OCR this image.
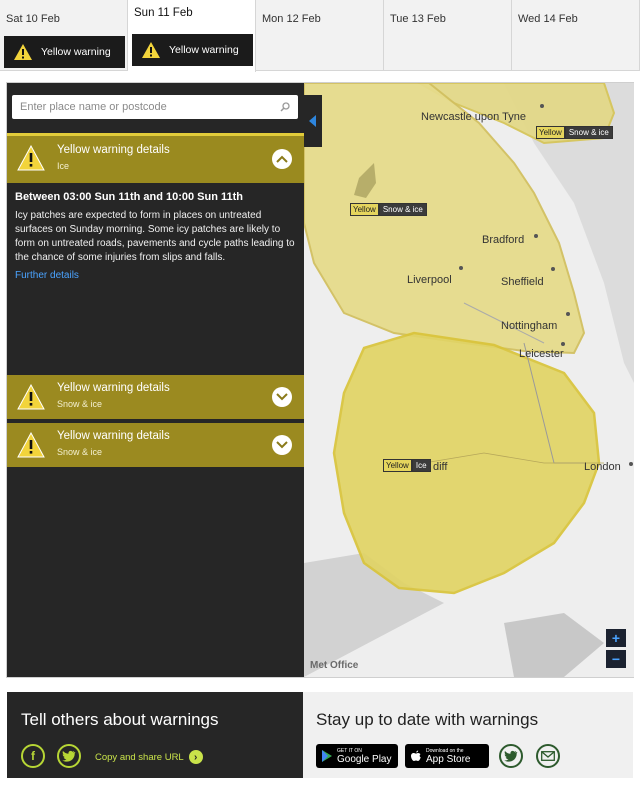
Sat 10 Feb
Yellow warning
Sun 11 Feb
Yellow warning
Mon 12 Feb	Tue 13 Feb	Wed 14 Feb
Enter place name or postcode
Yellow warning details
Ice
Between 03:00 Sun 11th and 10:00 Sun 11th
Icy patches are expected to form in places on untreated surfaces on Sunday morning. Some icy patches are likely to form on untreated roads, pavements and cycle paths leading to the chance of some injuries from slips and falls.
Further details
Yellow warning details
Snow & ice
Yellow warning details
Snow & ice
Newcastle upon Tyne
Bradford
Liverpool	Sheffield
Nottingham
Leicester
London
diff
Yellow Snow & ice
Yellow Snow & ice
Yellow Ice
+
−
Met Office
Tell others about warnings
f	Copy and share URL	›
Stay up to date with warnings
GET IT ON
Google Play
Download on the
App Store
